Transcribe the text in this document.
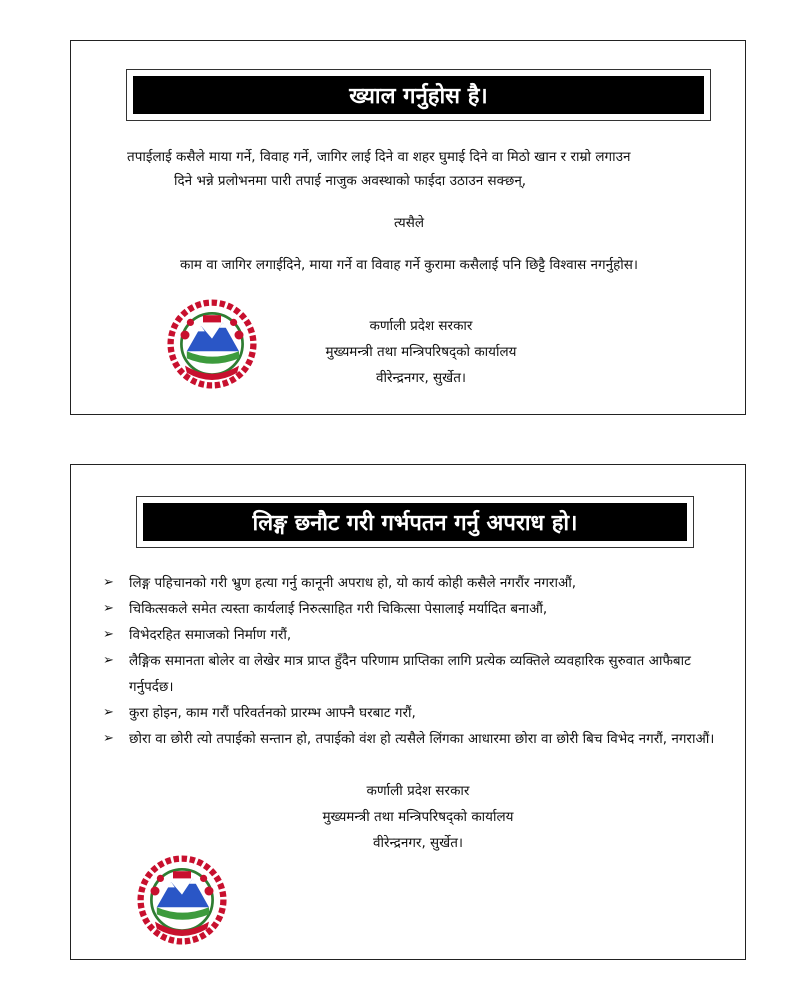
ख्याल गर्नुहोस है।

तपाईलाई कसैले माया गर्ने, विवाह गर्ने, जागिर लाई दिने वा शहर घुमाई दिने वा मिठो खान र राम्रो लगाउन

दिने भन्ने प्रलोभनमा पारी तपाई नाजुक अवस्थाको फाईदा उठाउन सक्छन्,

त्यसैले

काम वा जागिर लगाईदिने, माया गर्ने वा विवाह गर्ने कुरामा कसैलाई पनि छिट्टै विश्वास नगर्नुहोस।

कर्णाली प्रदेश सरकार
मुख्यमन्त्री तथा मन्त्रिपरिषद्को कार्यालय
वीरेन्द्रनगर, सुर्खेत।
लिङ्ग छनौट गरी गर्भपतन गर्नु अपराध हो।
➢ लिङ्ग पहिचानको गरी भ्रुण हत्या गर्नु कानूनी अपराध हो, यो कार्य कोही कसैले नगरौंर नगराऔं,
➢ चिकित्सकले समेत त्यस्ता कार्यलाई निरुत्साहित गरी चिकित्सा पेसालाई मर्यादित बनाऔं,
➢ विभेदरहित समाजको निर्माण गरौं,
➢ लैङ्गिक समानता बोलेर वा लेखेर मात्र प्राप्त हुँदैन परिणाम प्राप्तिका लागि प्रत्येक व्यक्तिले व्यवहारिक सुरुवात आफैबाट गर्नुपर्दछ।
➢ कुरा होइन, काम गरौं परिवर्तनको प्रारम्भ आफ्नै घरबाट गरौं,
➢ छोरा वा छोरी त्यो तपाईको सन्तान हो, तपाईको वंश हो त्यसैले लिंगका आधारमा छोरा वा छोरी बिच विभेद नगरौं, नगराऔं।
कर्णाली प्रदेश सरकार
मुख्यमन्त्री तथा मन्त्रिपरिषद्को कार्यालय
वीरेन्द्रनगर, सुर्खेत।
